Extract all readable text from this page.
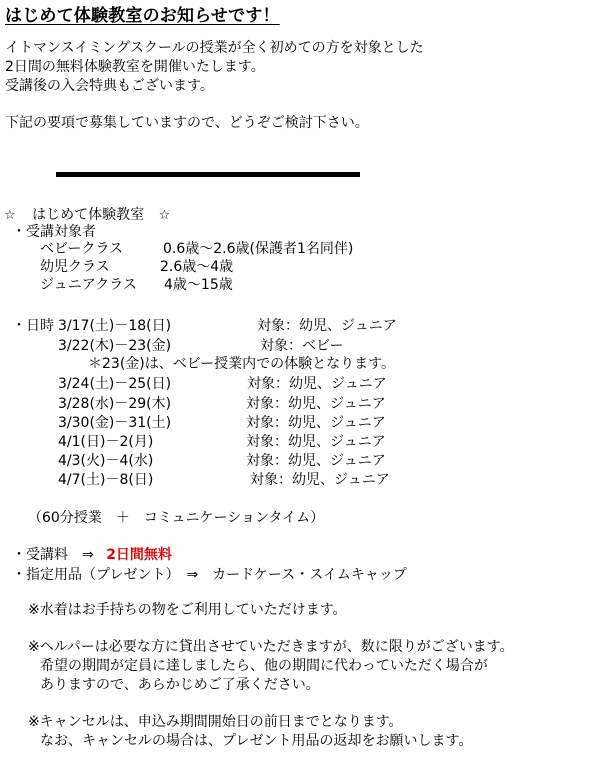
はじめて体験教室のお知らせです！
イトマンスイミングスクールの授業が全く初めての方を対象とした
2日間の無料体験教室を開催いたします。
受講後の入会特典もございます。
下記の要項で募集していますので、どうぞご検討下さい。
☆ はじめて体験教室 ☆
・受講対象者
ベビークラス	0.6歳～2.6歳(保護者1名同伴)
幼児クラス	2.6歳～4歳
ジュニアクラス 4歳～15歳
・日時 3/17(土)－18(日)	対象：幼児、ジュニア
3/22(木)－23(金)	対象：ベビー
＊23(金)は、ベビー授業内での体験となります。
3/24(土)－25(日)	対象：幼児、ジュニア
3/28(水)－29(木)	対象：幼児、ジュニア
3/30(金)－31(土)	対象：幼児、ジュニア
4/1(日)－2(月)	対象：幼児、ジュニア
4/3(火)－4(水)	対象：幼児、ジュニア
4/7(土)－8(日)	対象：幼児、ジュニア
（60分授業　＋　コミュニケーションタイム）
・受講料　⇒ 2日間無料
・指定用品（プレゼント）　⇒　カードケース・スイムキャップ
※水着はお手持ちの物をご利用していただけます。
※ヘルパーは必要な方に貸出させていただきますが、数に限りがございます。
希望の期間が定員に達しましたら、他の期間に代わっていただく場合が
ありますので、あらかじめご了承ください。
※キャンセルは、申込み期間開始日の前日までとなります。
なお、キャンセルの場合は、プレゼント用品の返却をお願いします。
